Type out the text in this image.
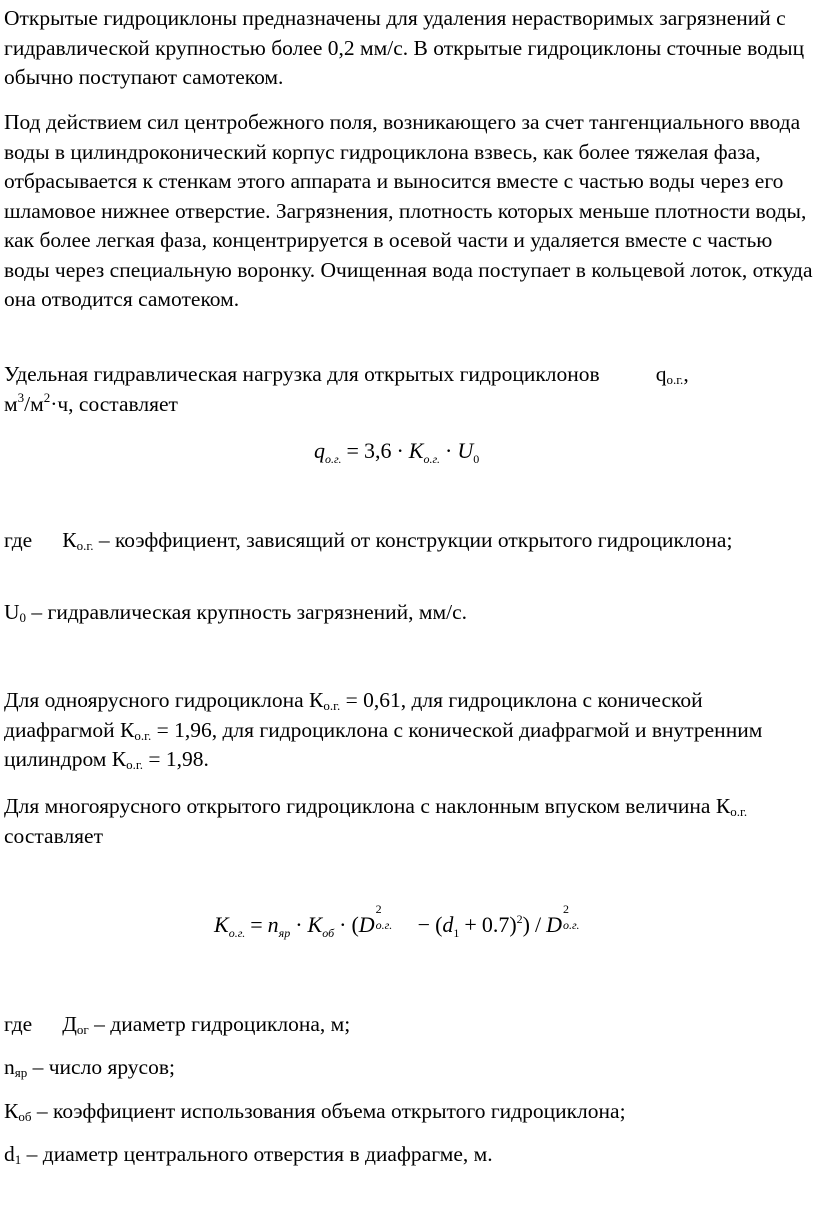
Открытые гидроциклоны предназначены для удаления нерастворимых загрязнений с гидравлической крупностью более 0,2 мм/с. В открытые гидроциклоны сточные водыц обычно поступают самотеком.

Под действием сил центробежного поля, возникающего за счет тангенциального ввода воды в цилиндроконический корпус гидроциклона взвесь, как более тяжелая фаза, отбрасывается к стенкам этого аппарата и выносится вместе с частью воды через его шламовое нижнее отверстие. Загрязнения, плотность которых меньше плотности воды, как более легкая фаза, концентрируется в осевой части и удаляется вместе с частью воды через специальную воронку. Очищенная вода поступает в кольцевой лоток, откуда она отводится самотеком.

Удельная гидравлическая нагрузка для открытых гидроциклонов	$q_{о.г.}$,
$м^3/м^2\cdot ч$, составляет

$q_{о.г.} = 3,6 \cdot K_{о.г.} \cdot U_0$

где $К_{о.г.}$ – коэффициент, зависящий от конструкции открытого гидроциклона;

$U_0$ – гидравлическая крупность загрязнений, мм/с.

Для одноярусного гидроциклона $К_{о.г.} = 0,61$, для гидроциклона с конической диафрагмой $К_{о.г.} = 1,96$, для гидроциклона с конической диафрагмой и внутренним цилиндром $К_{о.г.} = 1,98$.

Для многоярусного открытого гидроциклона с наклонным впуском величина $К_{о.г.}$ составляет

$K_{о.г.} = n_{яр} \cdot K_{об} \cdot (D$
2
о.г. − $(d_1 + 0.7)^2) / D$
2
о.г.

где $Д_{ог}$ – диаметр гидроциклона, м;

$n_{яр}$ – число ярусов;

$К_{об}$ – коэффициент использования объема открытого гидроциклона;

$d_1$ – диаметр центрального отверстия в диафрагме, м.
